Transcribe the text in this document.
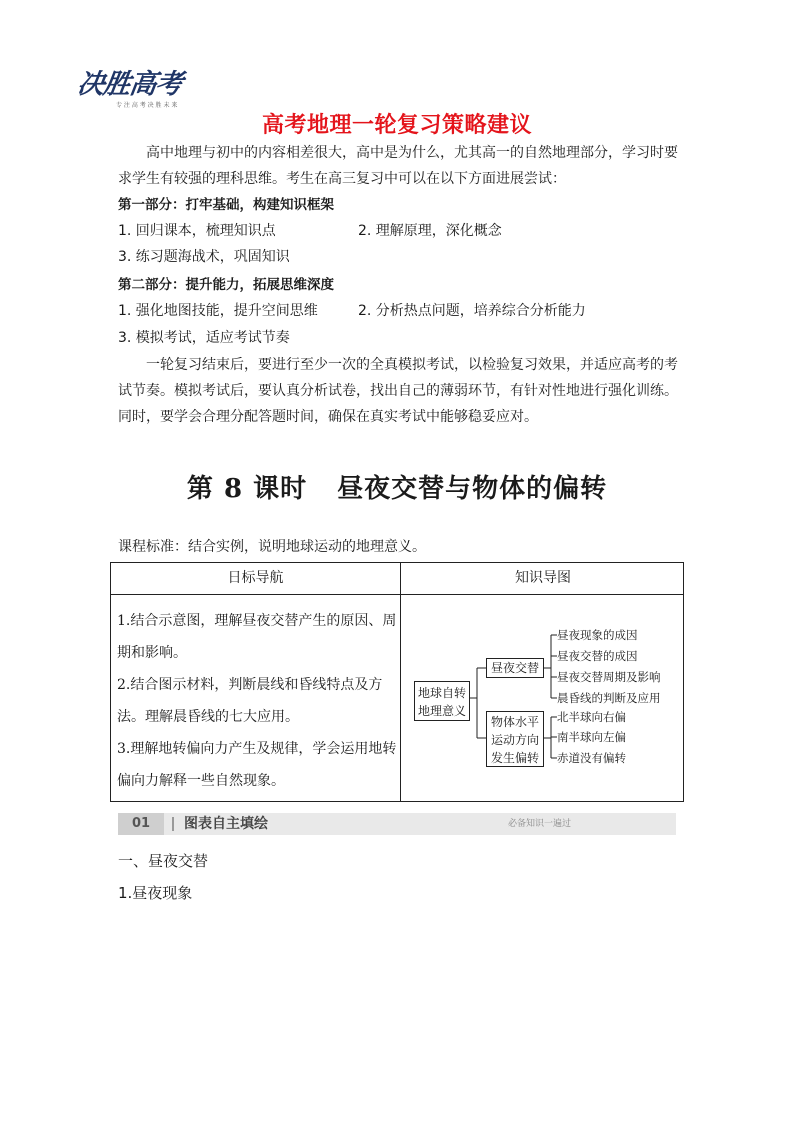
决胜高考
专 注 高 考 决 胜 未 来
高考地理一轮复习策略建议
高中地理与初中的内容相差很大，高中是为什么，尤其高一的自然地理部分，学习时要求学生有较强的理科思维。考生在高三复习中可以在以下方面进展尝试：
第一部分：打牢基础，构建知识框架
1. 回归课本，梳理知识点	2. 理解原理，深化概念
3. 练习题海战术，巩固知识
第二部分：提升能力，拓展思维深度
1. 强化地图技能，提升空间思维	2. 分析热点问题，培养综合分析能力
3. 模拟考试，适应考试节奏
一轮复习结束后，要进行至少一次的全真模拟考试，以检验复习效果，并适应高考的考试节奏。模拟考试后，要认真分析试卷，找出自己的薄弱环节，有针对性地进行强化训练。同时，要学会合理分配答题时间，确保在真实考试中能够稳妥应对。
第 8 课时 昼夜交替与物体的偏转
课程标准：结合实例，说明地球运动的地理意义。
日标导航	知识导图

1.结合示意图，理解昼夜交替产生的原因、周期和影响。

2.结合图示材料，判断晨线和昏线特点及方法。理解晨昏线的七大应用。

3.理解地转偏向力产生及规律，学会运用地转偏向力解释一些自然现象。

地球自转地理意义
昼夜交替
物体水平运动方向发生偏转
昼夜现象的成因
昼夜交替的成因
昼夜交替周期及影响
晨昏线的判断及应用
北半球向右偏
南半球向左偏
赤道没有偏转
01	图表自主填绘	必备知识一遍过
一、昼夜交替
1.昼夜现象
